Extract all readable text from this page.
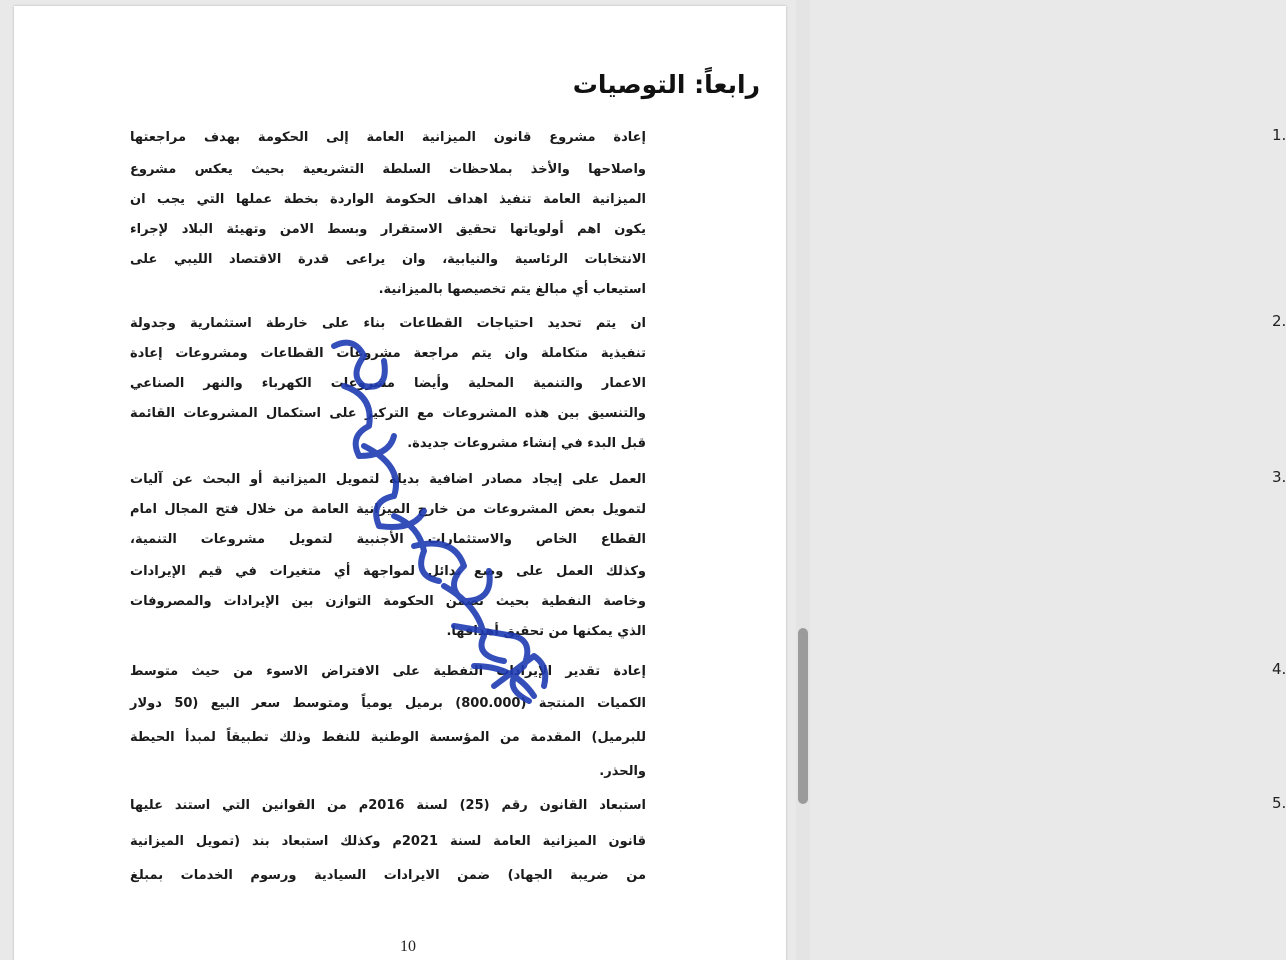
رابعاً: التوصيات
1.
إعادة مشروع قانون الميزانية العامة إلى الحكومة بهدف مراجعتها
واصلاحها والأخذ بملاحظات السلطة التشريعية بحيث يعكس مشروع
الميزانية العامة تنفيذ اهداف الحكومة الواردة بخطة عملها التي يجب ان
يكون اهم أولوياتها تحقيق الاستقرار وبسط الامن وتهيئة البلاد لإجراء
الانتخابات الرئاسية والنيابية، وان يراعى قدرة الاقتصاد الليبي على
استيعاب أي مبالغ يتم تخصيصها بالميزانية.
2.
ان يتم تحديد احتياجات القطاعات بناء على خارطة استثمارية وجدولة
تنفيذية متكاملة وان يتم مراجعة مشروعات القطاعات ومشروعات إعادة
الاعمار والتنمية المحلية وأيضا مشروعات الكهرباء والنهر الصناعي
والتنسيق بين هذه المشروعات مع التركيز على استكمال المشروعات القائمة
قبل البدء في إنشاء مشروعات جديدة.
3.
العمل على إيجاد مصادر اضافية بديلة لتمويل الميزانية أو البحث عن آليات
لتمويل بعض المشروعات من خارج الميزانية العامة من خلال فتح المجال امام
القطاع الخاص والاستثمارات الأجنبية لتمويل مشروعات التنمية،
وكذلك العمل على وضع بدائل لمواجهة أي متغيرات في قيم الإيرادات
وخاصة النفطية بحيث تضمن الحكومة التوازن بين الإيرادات والمصروفات
الذي يمكنها من تحقيق أهدافها.
4.
إعادة تقدير الإيرادات النفطية على الافتراض الاسوء من حيث متوسط
الكميات المنتجة (800.000) برميل يومياً ومتوسط سعر البيع (50 دولار
للبرميل) المقدمة من المؤسسة الوطنية للنفط وذلك تطبيقاً لمبدأ الحيطة
والحذر.
5.
استبعاد القانون رقم (25) لسنة 2016م من القوانين التي استند عليها
قانون الميزانية العامة لسنة 2021م وكذلك استبعاد بند (تمويل الميزانية
من ضريبة الجهاد) ضمن الايرادات السيادية ورسوم الخدمات بمبلغ
10
